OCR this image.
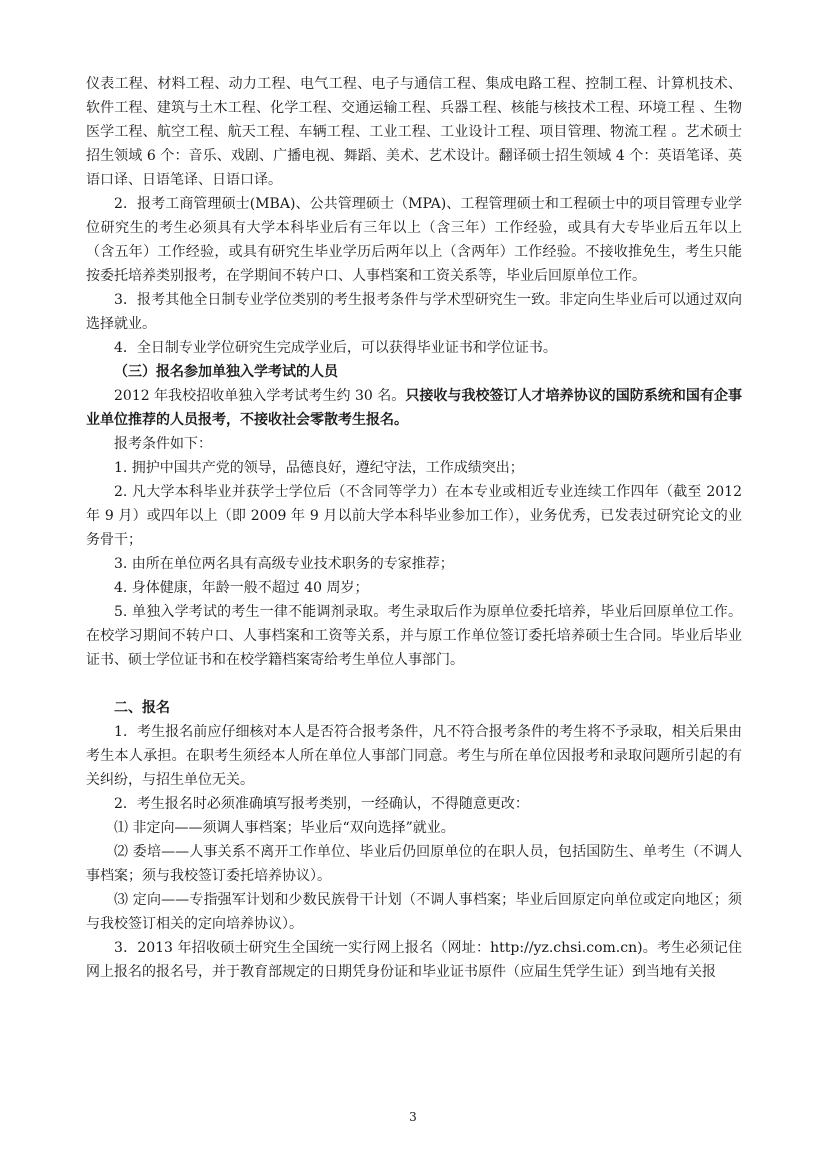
仪表工程、材料工程、动力工程、电气工程、电子与通信工程、集成电路工程、控制工程、计算机技术、软件工程、建筑与土木工程、化学工程、交通运输工程、兵器工程、核能与核技术工程、环境工程 、生物医学工程、航空工程、航天工程、车辆工程、工业工程、工业设计工程、项目管理、物流工程 。艺术硕士招生领域 6 个：音乐、戏剧、广播电视、舞蹈、美术、艺术设计。翻译硕士招生领域 4 个：英语笔译、英语口译、日语笔译、日语口译。

2．报考工商管理硕士(MBA)、公共管理硕士（MPA)、工程管理硕士和工程硕士中的项目管理专业学位研究生的考生必须具有大学本科毕业后有三年以上（含三年）工作经验，或具有大专毕业后五年以上（含五年）工作经验，或具有研究生毕业学历后两年以上（含两年）工作经验。不接收推免生，考生只能按委托培养类别报考，在学期间不转户口、人事档案和工资关系等，毕业后回原单位工作。

3．报考其他全日制专业学位类别的考生报考条件与学术型研究生一致。非定向生毕业后可以通过双向选择就业。

4．全日制专业学位研究生完成学业后，可以获得毕业证书和学位证书。

（三）报名参加单独入学考试的人员

2012 年我校招收单独入学考试考生约 30 名。只接收与我校签订人才培养协议的国防系统和国有企事业单位推荐的人员报考，不接收社会零散考生报名。

报考条件如下：

1. 拥护中国共产党的领导，品德良好，遵纪守法，工作成绩突出；

2. 凡大学本科毕业并获学士学位后（不含同等学力）在本专业或相近专业连续工作四年（截至 2012 年 9 月）或四年以上（即 2009 年 9 月以前大学本科毕业参加工作），业务优秀，已发表过研究论文的业务骨干；

3. 由所在单位两名具有高级专业技术职务的专家推荐；

4. 身体健康，年龄一般不超过 40 周岁；

5. 单独入学考试的考生一律不能调剂录取。考生录取后作为原单位委托培养，毕业后回原单位工作。在校学习期间不转户口、人事档案和工资等关系，并与原工作单位签订委托培养硕士生合同。毕业后毕业证书、硕士学位证书和在校学籍档案寄给考生单位人事部门。

二、报名

1．考生报名前应仔细核对本人是否符合报考条件，凡不符合报考条件的考生将不予录取，相关后果由考生本人承担。在职考生须经本人所在单位人事部门同意。考生与所在单位因报考和录取问题所引起的有关纠纷，与招生单位无关。

2．考生报名时必须准确填写报考类别，一经确认，不得随意更改：

⑴ 非定向——须调人事档案；毕业后“双向选择”就业。

⑵ 委培——人事关系不离开工作单位、毕业后仍回原单位的在职人员，包括国防生、单考生（不调人事档案；须与我校签订委托培养协议）。

⑶ 定向——专指强军计划和少数民族骨干计划（不调人事档案；毕业后回原定向单位或定向地区；须与我校签订相关的定向培养协议）。

3．2013 年招收硕士研究生全国统一实行网上报名（网址：http://yz.chsi.com.cn)。考生必须记住网上报名的报名号，并于教育部规定的日期凭身份证和毕业证书原件（应届生凭学生证）到当地有关报

3
